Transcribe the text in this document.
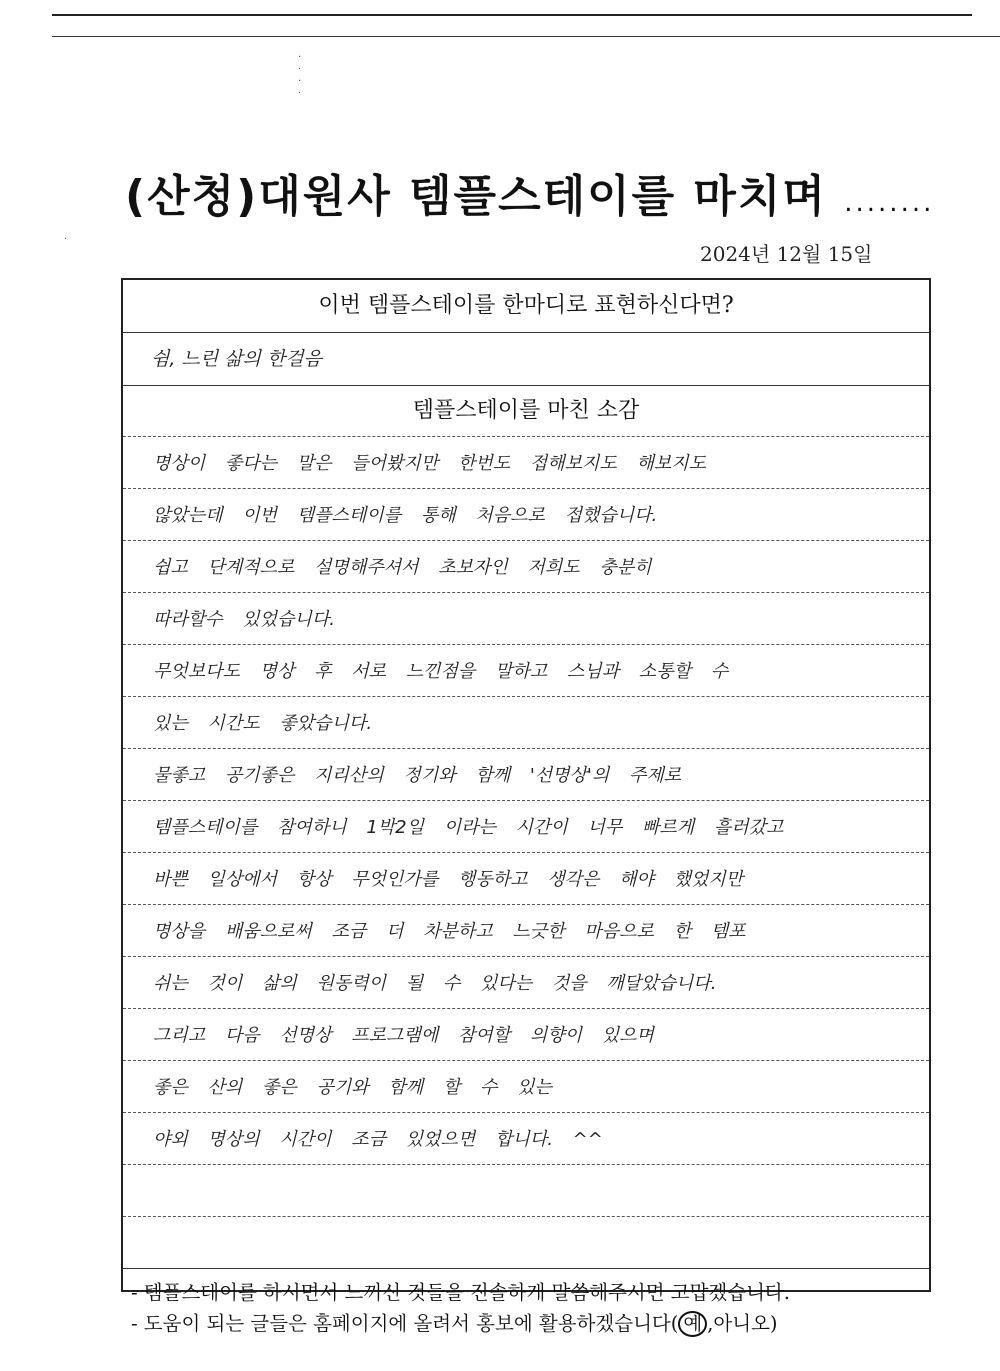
·
·
·
·
·
(산청)대원사 템플스테이를 마치며 ........
2024년 12월 15일
이번 템플스테이를 한마디로 표현하신다면?
쉼, 느린 삶의 한걸음
템플스테이를 마친 소감
명상이 좋다는 말은 들어봤지만 한번도 접해보지도 해보지도
않았는데 이번 템플스테이를 통해 처음으로 접했습니다.
쉽고 단계적으로 설명해주셔서 초보자인 저희도 충분히
따라할수 있었습니다.
무엇보다도 명상 후 서로 느낀점을 말하고 스님과 소통할 수
있는 시간도 좋았습니다.
물좋고 공기좋은 지리산의 정기와 함께 '선명상'의 주제로
템플스테이를 참여하니 1박2일 이라는 시간이 너무 빠르게 흘러갔고
바쁜 일상에서 항상 무엇인가를 행동하고 생각은 해야 했었지만
명상을 배움으로써 조금 더 차분하고 느긋한 마음으로 한 템포
쉬는 것이 삶의 원동력이 될 수 있다는 것을 깨달았습니다.
그리고 다음 선명상 프로그램에 참여할 의향이 있으며
좋은 산의 좋은 공기와 함께 할 수 있는
야외 명상의 시간이 조금 있었으면 합니다. ^^
- 템플스테이를 하시면서 느끼신 것들을 진솔하게 말씀해주시면 고맙겠습니다.
- 도움이 되는 글들은 홈페이지에 올려서 홍보에 활용하겠습니다( 예 ,아니오)
